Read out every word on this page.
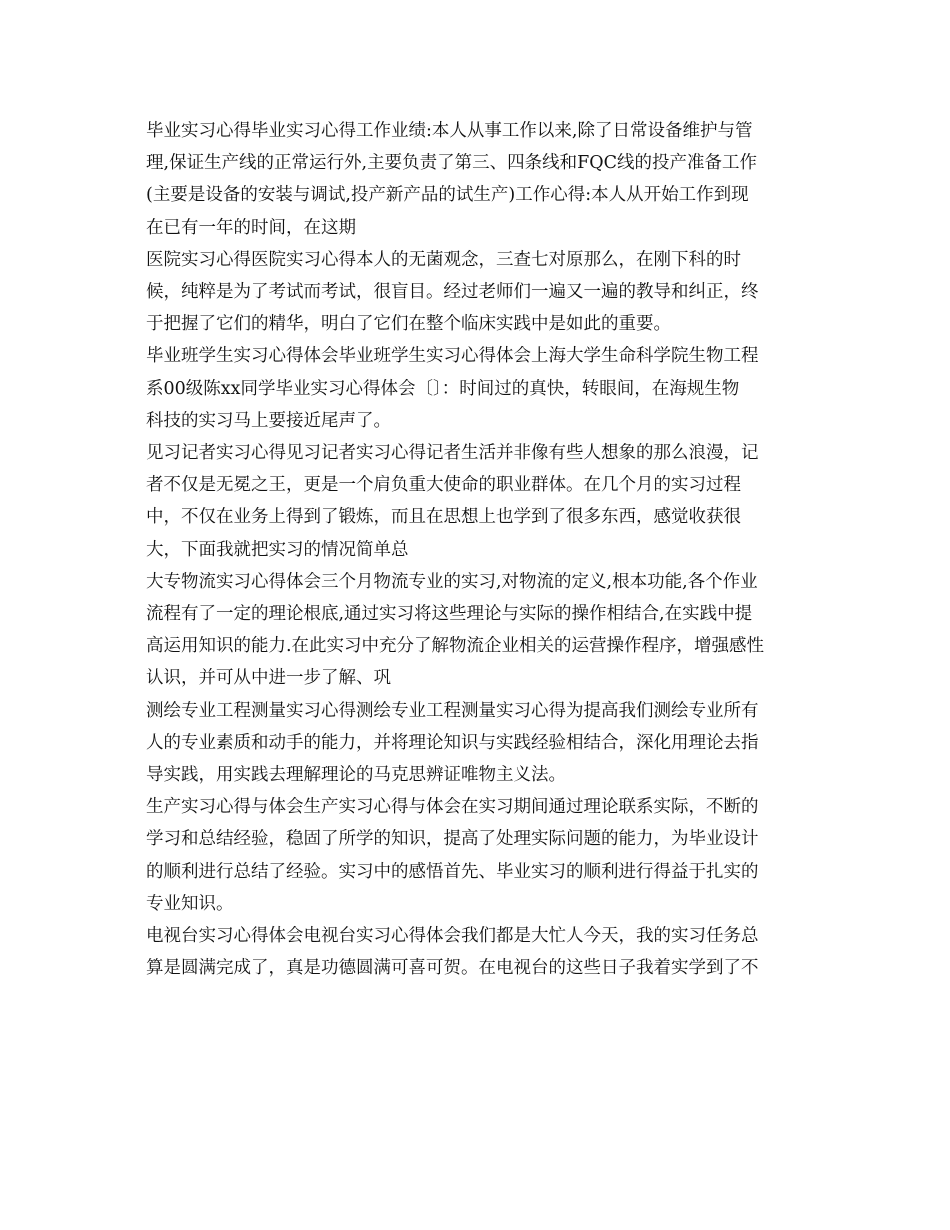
毕业实习心得毕业实习心得工作业绩:本人从事工作以来,除了日常设备维护与管
理,保证生产线的正常运行外,主要负责了第三、四条线和FQC线的投产准备工作
(主要是设备的安装与调试,投产新产品的试生产)工作心得:本人从开始工作到现
在已有一年的时间，在这期

医院实习心得医院实习心得本人的无菌观念，三查七对原那么，在刚下科的时
候，纯粹是为了考试而考试，很盲目。经过老师们一遍又一遍的教导和纠正，终
于把握了它们的精华，明白了它们在整个临床实践中是如此的重要。

毕业班学生实习心得体会毕业班学生实习心得体会上海大学生命科学院生物工程
系00级陈xx同学毕业实习心得体会〔〕：时间过的真快，转眼间，在海规生物
科技的实习马上要接近尾声了。

见习记者实习心得见习记者实习心得记者生活并非像有些人想象的那么浪漫，记
者不仅是无冕之王，更是一个肩负重大使命的职业群体。在几个月的实习过程
中，不仅在业务上得到了锻炼，而且在思想上也学到了很多东西，感觉收获很
大，下面我就把实习的情况简单总

大专物流实习心得体会三个月物流专业的实习,对物流的定义,根本功能,各个作业
流程有了一定的理论根底,通过实习将这些理论与实际的操作相结合,在实践中提
高运用知识的能力.在此实习中充分了解物流企业相关的运营操作程序，增强感性
认识，并可从中进一步了解、巩

测绘专业工程测量实习心得测绘专业工程测量实习心得为提高我们测绘专业所有
人的专业素质和动手的能力，并将理论知识与实践经验相结合，深化用理论去指
导实践，用实践去理解理论的马克思辨证唯物主义法。

生产实习心得与体会生产实习心得与体会在实习期间通过理论联系实际，不断的
学习和总结经验，稳固了所学的知识，提高了处理实际问题的能力，为毕业设计
的顺利进行总结了经验。实习中的感悟首先、毕业实习的顺利进行得益于扎实的
专业知识。

电视台实习心得体会电视台实习心得体会我们都是大忙人今天，我的实习任务总
算是圆满完成了，真是功德圆满可喜可贺。在电视台的这些日子我着实学到了不
